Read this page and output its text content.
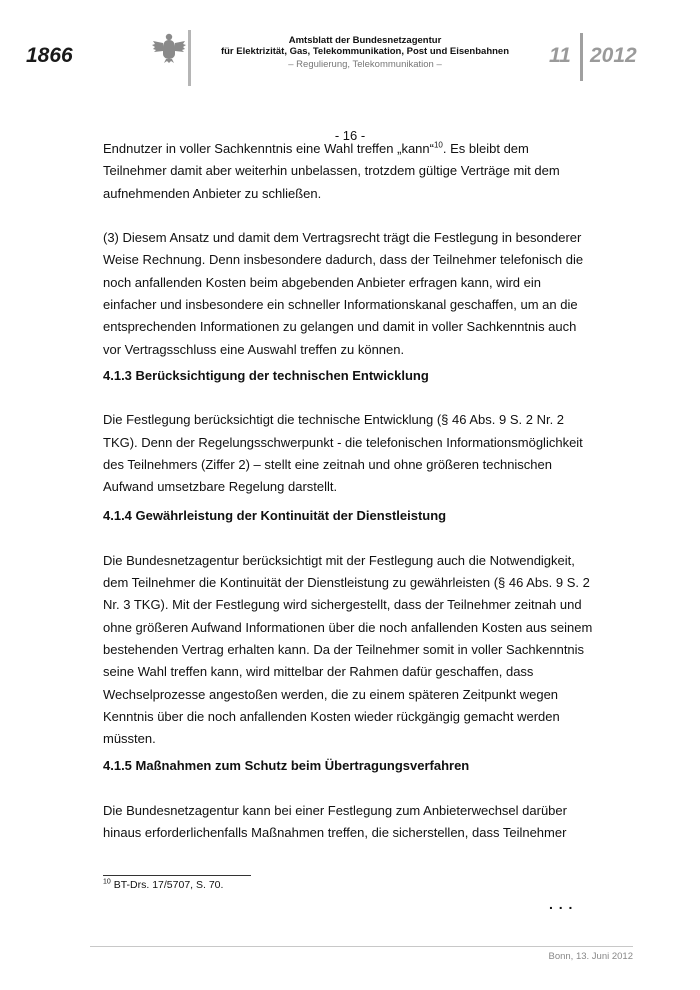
1866
Amtsblatt der Bundesnetzagentur
für Elektrizität, Gas, Telekommunikation, Post und Eisenbahnen
– Regulierung, Telekommunikation –	11 2012
- 16 -

Endnutzer in voller Sachkenntnis eine Wahl treffen „kann“$^{10}$. Es bleibt dem

Teilnehmer damit aber weiterhin unbelassen, trotzdem gültige Verträge mit dem

aufnehmenden Anbieter zu schließen.

(3) Diesem Ansatz und damit dem Vertragsrecht trägt die Festlegung in besonderer

Weise Rechnung. Denn insbesondere dadurch, dass der Teilnehmer telefonisch die

noch anfallenden Kosten beim abgebenden Anbieter erfragen kann, wird ein

einfacher und insbesondere ein schneller Informationskanal geschaffen, um an die

entsprechenden Informationen zu gelangen und damit in voller Sachkenntnis auch

vor Vertragsschluss eine Auswahl treffen zu können.

4.1.3 Berücksichtigung der technischen Entwicklung

Die Festlegung berücksichtigt die technische Entwicklung (§ 46 Abs. 9 S. 2 Nr. 2

TKG). Denn der Regelungsschwerpunkt - die telefonischen Informationsmöglichkeit

des Teilnehmers (Ziffer 2) – stellt eine zeitnah und ohne größeren technischen

Aufwand umsetzbare Regelung darstellt.

4.1.4 Gewährleistung der Kontinuität der Dienstleistung

Die Bundesnetzagentur berücksichtigt mit der Festlegung auch die Notwendigkeit,

dem Teilnehmer die Kontinuität der Dienstleistung zu gewährleisten (§ 46 Abs. 9 S. 2

Nr. 3 TKG). Mit der Festlegung wird sichergestellt, dass der Teilnehmer zeitnah und

ohne größeren Aufwand Informationen über die noch anfallenden Kosten aus seinem

bestehenden Vertrag erhalten kann. Da der Teilnehmer somit in voller Sachkenntnis

seine Wahl treffen kann, wird mittelbar der Rahmen dafür geschaffen, dass

Wechselprozesse angestoßen werden, die zu einem späteren Zeitpunkt wegen

Kenntnis über die noch anfallenden Kosten wieder rückgängig gemacht werden

müssten.

4.1.5 Maßnahmen zum Schutz beim Übertragungsverfahren

Die Bundesnetzagentur kann bei einer Festlegung zum Anbieterwechsel darüber

hinaus erforderlichenfalls Maßnahmen treffen, die sicherstellen, dass Teilnehmer

$^{10}$ BT-Drs. 17/5707, S. 70.
. . .
Bonn, 13. Juni 2012
